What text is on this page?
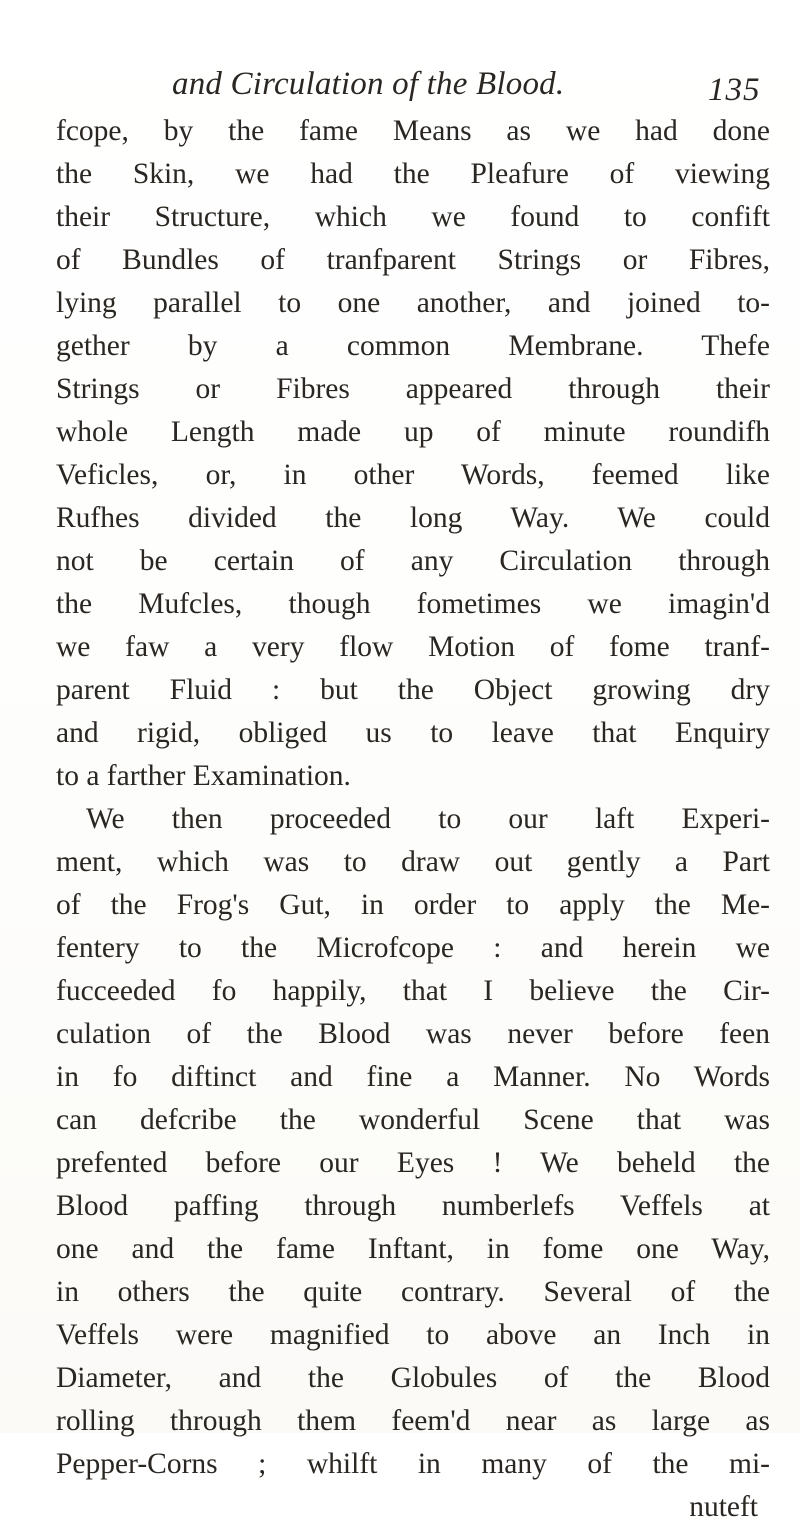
and Circulation of the Blood.	135
fcope, by the fame Means as we had done
the Skin, we had the Pleafure of viewing
their Structure, which we found to confift
of Bundles of tranfparent Strings or Fibres,
lying parallel to one another, and joined to-
gether by a common Membrane. Thefe
Strings or Fibres appeared through their
whole Length made up of minute roundifh
Veficles, or, in other Words, feemed like
Rufhes divided the long Way. We could
not be certain of any Circulation through
the Mufcles, though fometimes we imagin'd
we faw a very flow Motion of fome tranf-
parent Fluid : but the Object growing dry
and rigid, obliged us to leave that Enquiry
to a farther Examination.
We then proceeded to our laft Experi-
ment, which was to draw out gently a Part
of the Frog's Gut, in order to apply the Me-
fentery to the Microfcope : and herein we
fucceeded fo happily, that I believe the Cir-
culation of the Blood was never before feen
in fo diftinct and fine a Manner. No Words
can defcribe the wonderful Scene that was
prefented before our Eyes ! We beheld the
Blood paffing through numberlefs Veffels at
one and the fame Inftant, in fome one Way,
in others the quite contrary. Several of the
Veffels were magnified to above an Inch in
Diameter, and the Globules of the Blood
rolling through them feem'd near as large as
Pepper-Corns ; whilft in many of the mi-
nuteft
